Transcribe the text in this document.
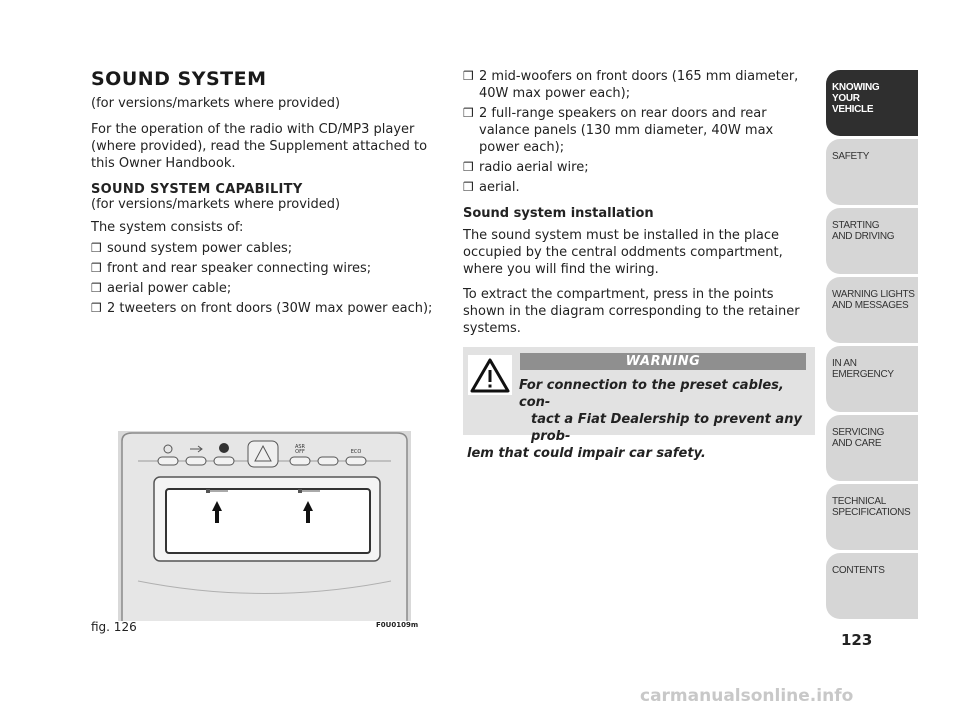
SOUND SYSTEM
(for versions/markets where provided)
For the operation of the radio with CD/MP3 player (where provided), read the Supplement attached to this Owner Handbook.
SOUND SYSTEM CAPABILITY
(for versions/markets where provided)
The system consists of:
❒ sound system power cables;
❒ front and rear speaker connecting wires;
❒ aerial power cable;
❒ 2 tweeters on front doors (30W max power each);
❒ 2 mid-woofers on front doors (165 mm diameter, 40W max power each);
❒ 2 full-range speakers on rear doors and rear valance panels (130 mm diameter, 40W max power each);
❒ radio aerial wire;
❒ aerial.
Sound system installation
The sound system must be installed in the place occupied by the central oddments compartment, where you will find the wiring.
To extract the compartment, press in the points shown in the diagram corresponding to the retainer systems.
WARNING
For connection to the preset cables, con-
tact a Fiat Dealership to prevent any prob-
lem that could impair car safety.
ASR
OFF	ECO
fig. 126	F0U0109m
KNOWING
YOUR
VEHICLE
SAFETY
STARTING
AND DRIVING
WARNING LIGHTS
AND MESSAGES
IN AN
EMERGENCY
SERVICING
AND CARE
TECHNICAL
SPECIFICATIONS
CONTENTS
123
carmanualsonline.info
